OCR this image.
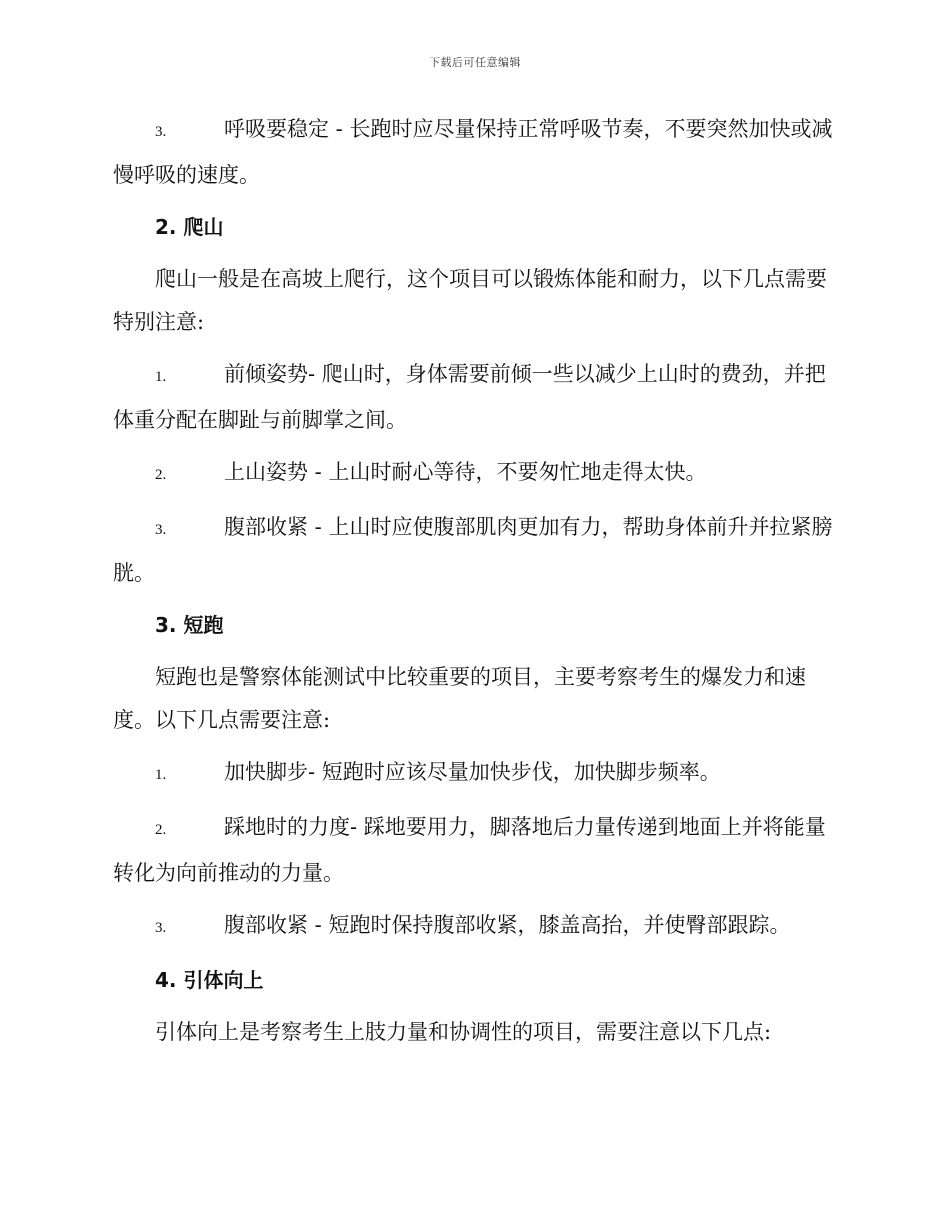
下载后可任意编辑

3.	呼吸要稳定 - 长跑时应尽量保持正常呼吸节奏，不要突然加快或减慢呼吸的速度。

2. 爬山

爬山一般是在高坡上爬行，这个项目可以锻炼体能和耐力，以下几点需要特别注意:

1.	前倾姿势- 爬山时，身体需要前倾一些以减少上山时的费劲，并把体重分配在脚趾与前脚掌之间。

2.	上山姿势 - 上山时耐心等待，不要匆忙地走得太快。

3.	腹部收紧 - 上山时应使腹部肌肉更加有力，帮助身体前升并拉紧膀胱。

3. 短跑

短跑也是警察体能测试中比较重要的项目，主要考察考生的爆发力和速度。以下几点需要注意:

1.	加快脚步- 短跑时应该尽量加快步伐，加快脚步频率。

2.	踩地时的力度- 踩地要用力，脚落地后力量传递到地面上并将能量转化为向前推动的力量。

3.	腹部收紧 - 短跑时保持腹部收紧，膝盖高抬，并使臀部跟踪。

4. 引体向上

引体向上是考察考生上肢力量和协调性的项目，需要注意以下几点:
